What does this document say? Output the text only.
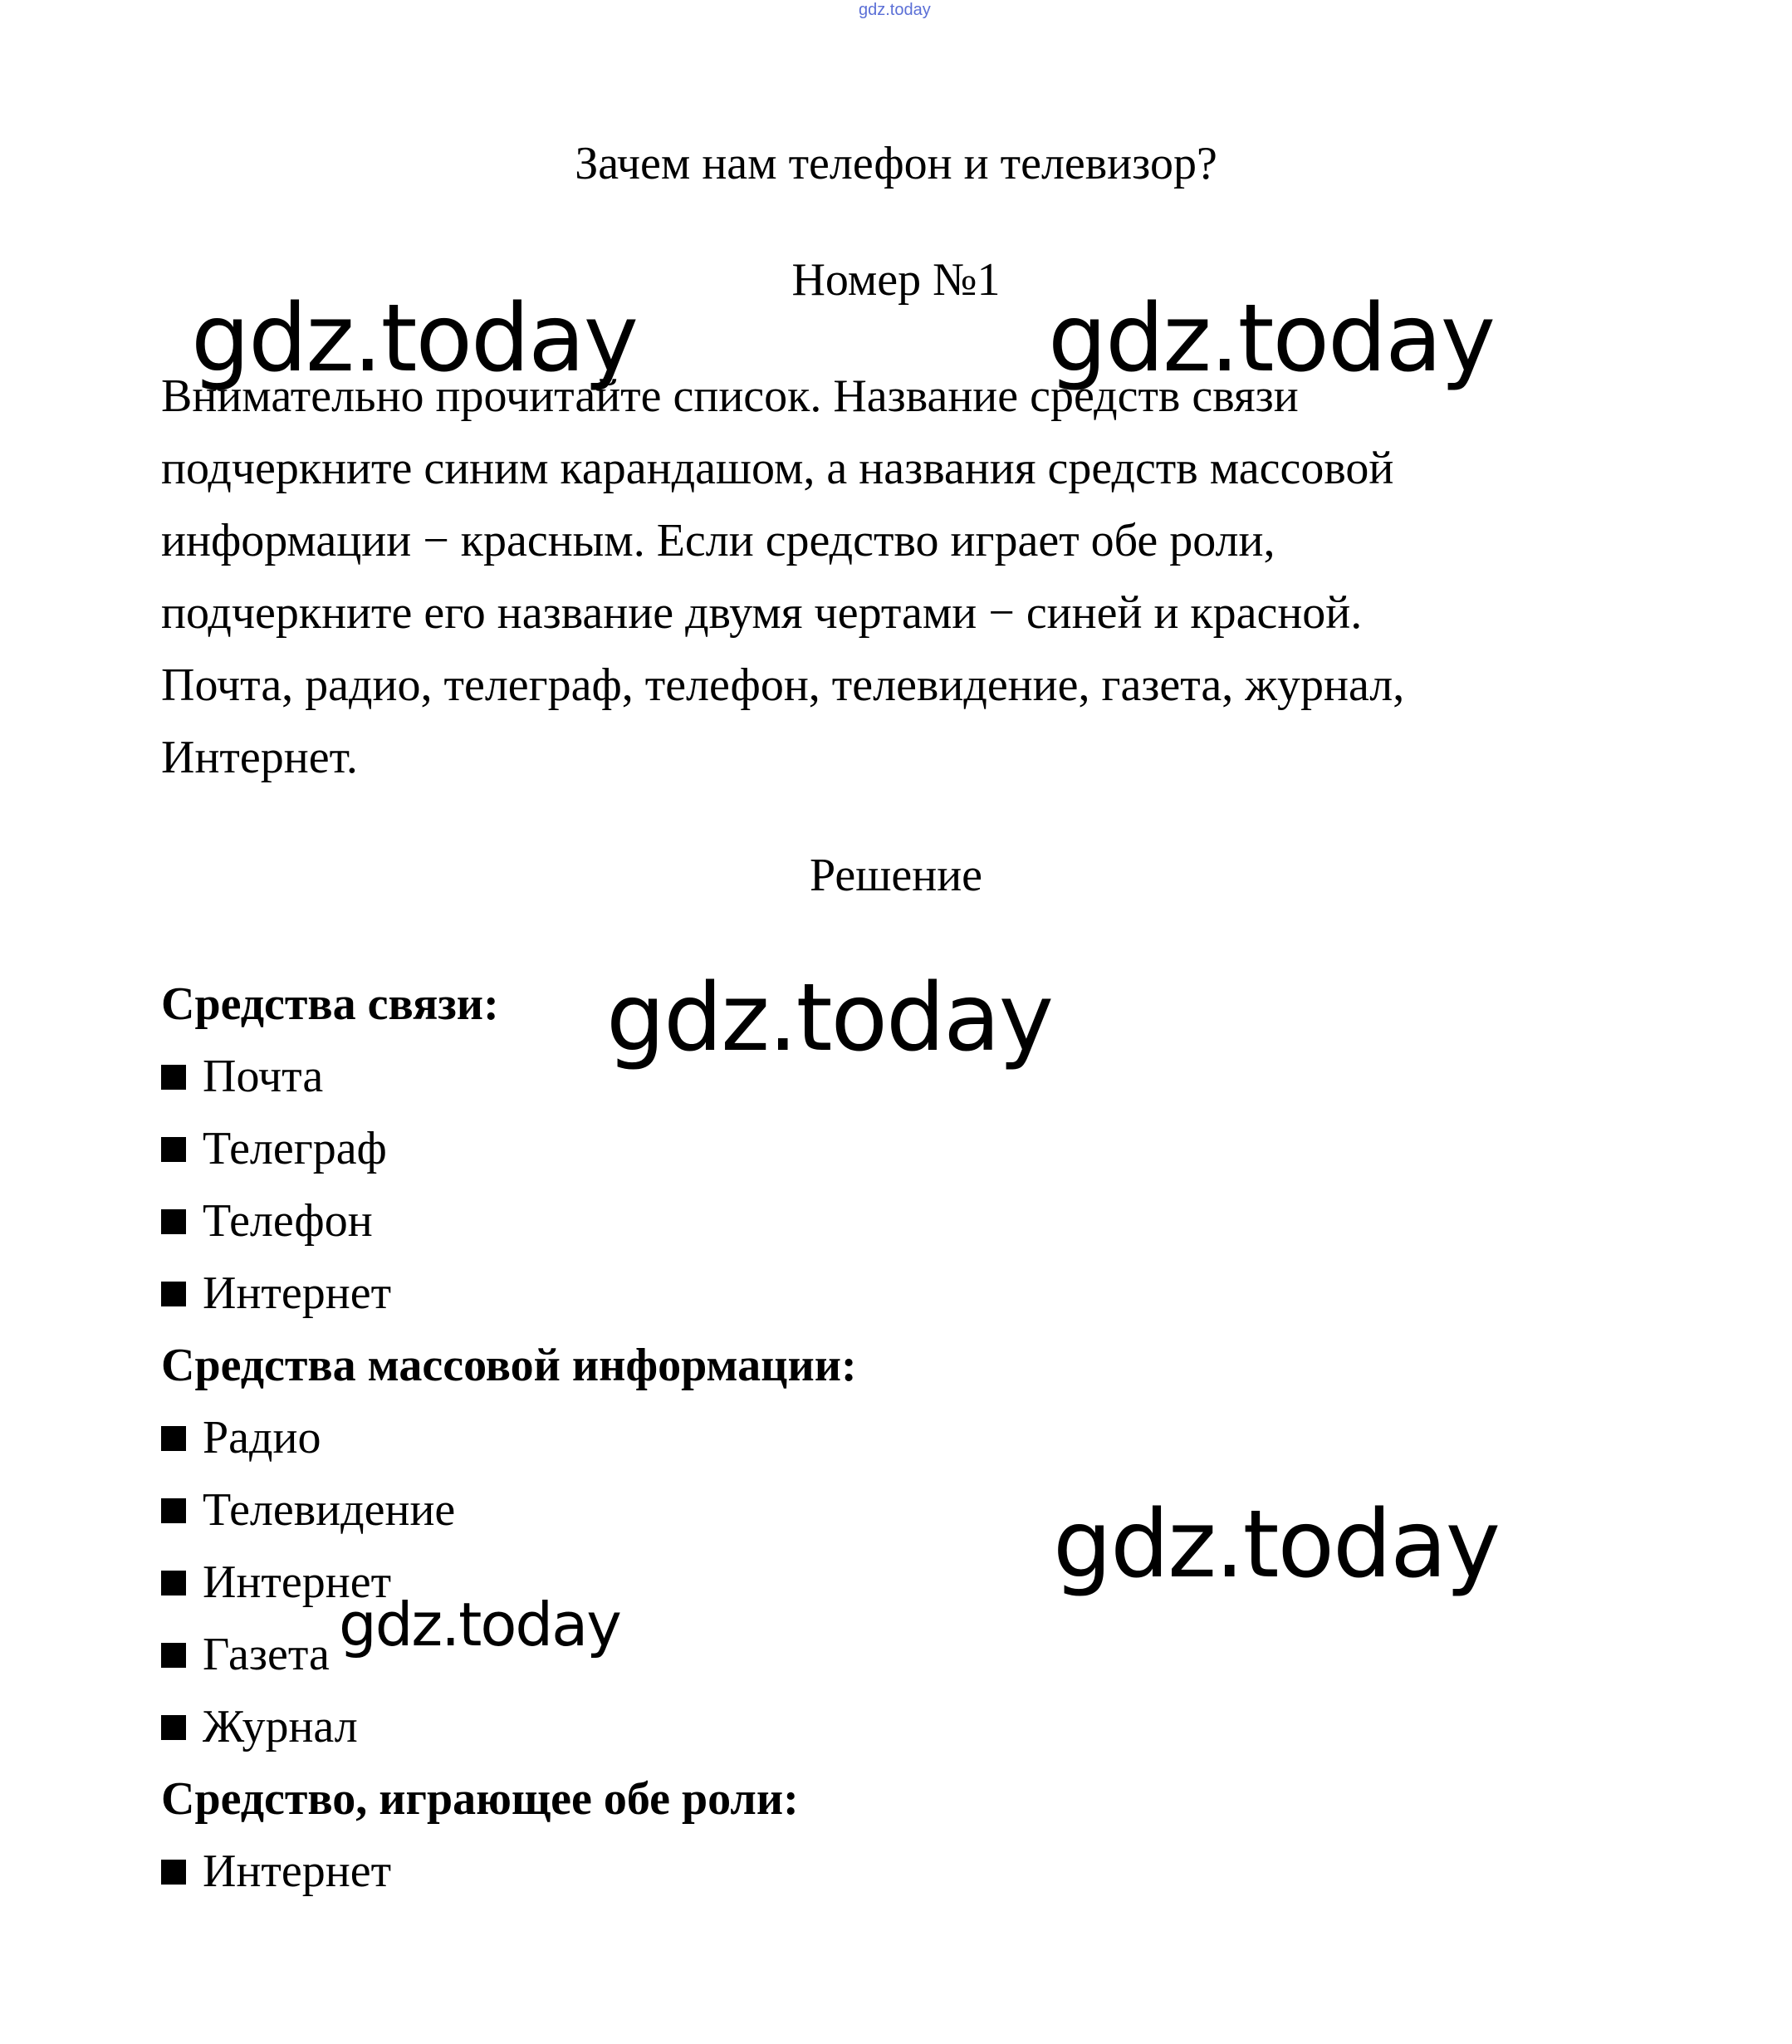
gdz.today
Зачем нам телефон и телевизор?
Номер №1

Внимательно прочитайте список. Название средств связи

подчеркните синим карандашом, а названия средств массовой

информации − красным. Если средство играет обе роли,

подчеркните его название двумя чертами − синей и красной.

Почта, радио, телеграф, телефон, телевидение, газета, журнал,

Интернет.

Решение

Средства связи:

Почта

Телеграф

Телефон

Интернет

Средства массовой информации:

Радио

Телевидение

Интернет

Газета

Журнал

Средство, играющее обе роли:

Интернет

gdz.today	gdz.today
gdz.today
gdz.today
gdz.today
